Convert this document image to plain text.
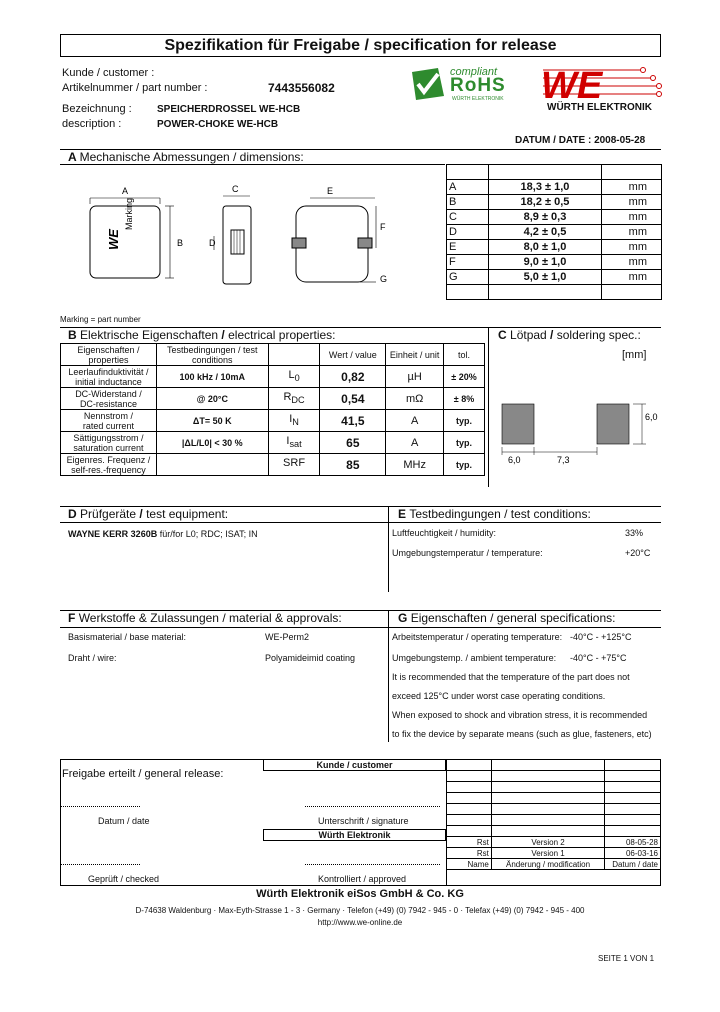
Spezifikation für Freigabe / specification for release
Kunde / customer :
Artikelnummer / part number :	7443556082
Bezeichnung :	SPEICHERDROSSEL WE-HCB
description :	POWER-CHOKE WE-HCB
compliant
RoHS
WÜRTH ELEKTRONIK WE
WÜRTH ELEKTRONIK
DATUM / DATE : 2008-05-28
A Mechanische Abmessungen / dimensions:
Marking
WE
A
B
C
D
E
F
G
Marking = part number

A	18,3 ± 1,0	mm
B	18,2 ± 0,5	mm
C	8,9 ± 0,3	mm
D	4,2 ± 0,5	mm
E	8,0 ± 1,0	mm
F	9,0 ± 1,0	mm
G	5,0 ± 1,0	mm

B Elektrische Eigenschaften / electrical properties:
Eigenschaften / properties	Testbedingungen / test conditions		Wert / value	Einheit / unit	tol.
Leerlaufinduktivität /
initial inductance	100 kHz / 10mA	$L_0$	0,82	µH	± 20%
DC-Widerstand /
DC-resistance	@ 20°C	$R_{DC}$	0,54	mΩ	± 8%
Nennstrom /
rated current	ΔT= 50 K	$I_N$	41,5	A	typ.
Sättigungsstrom /
saturation current	|ΔL/L0| < 30 %	$I_{sat}$	65	A	typ.
Eigenres. Frequenz /
self-res.-frequency		SRF	85	MHz	typ.
C Lötpad / soldering spec.:
[mm]
6,0
6,0	7,3
D Prüfgeräte / test equipment:	E Testbedingungen / test conditions:
WAYNE KERR 3260B für/for L0; RDC; ISAT; IN	Luftfeuchtigkeit / humidity:	33%
Umgebungstemperatur / temperature:	+20°C
F Werkstoffe & Zulassungen / material & approvals:	G Eigenschaften / general specifications:
Basismaterial / base material:	WE-Perm2
Draht / wire:	Polyamideimid coating
Arbeitstemperatur / operating temperature: -40°C - +125°C
Umgebungstemp. / ambient temperature: -40°C - +75°C
It is recommended that the temperature of the part does not
exceed 125°C under worst case operating conditions.
When exposed to shock and vibration stress, it is recommended
to fix the device by separate means (such as glue, fasteners, etc)
Kunde / customer
Freigabe erteilt / general release:
Datum / date	Unterschrift / signature
Würth Elektronik
Geprüft / checked	Kontrolliert / approved

Rst	Version 2	08-05-28
Rst	Version 1	06-03-16
Name	Änderung / modification	Datum / date
Würth Elektronik eiSos GmbH & Co. KG
D-74638 Waldenburg · Max-Eyth-Strasse 1 - 3 · Germany · Telefon (+49) (0) 7942 - 945 - 0 · Telefax (+49) (0) 7942 - 945 - 400
http://www.we-online.de
SEITE 1 VON 1
